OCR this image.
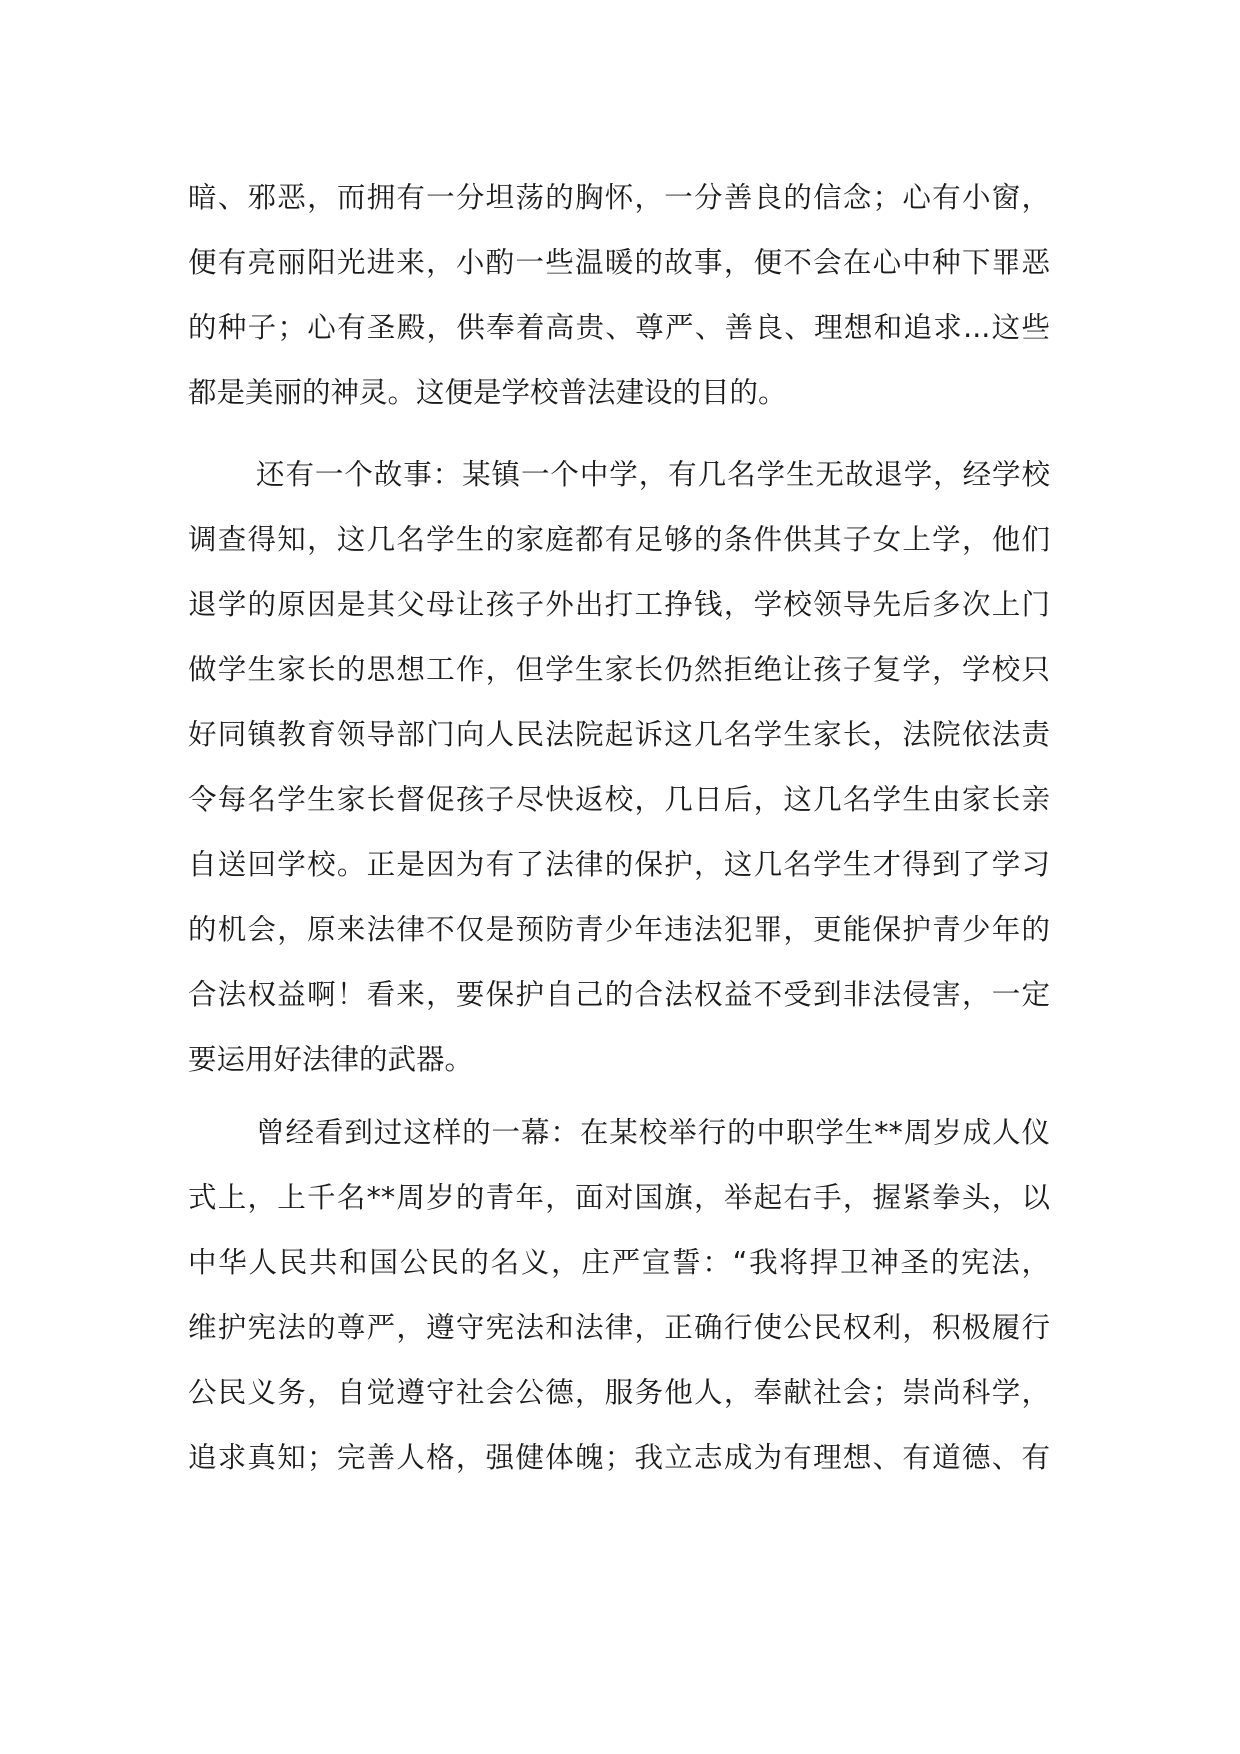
暗、邪恶，而拥有一分坦荡的胸怀，一分善良的信念；心有小窗，
便有亮丽阳光进来，小酌一些温暖的故事，便不会在心中种下罪恶
的种子；心有圣殿，供奉着高贵、尊严、善良、理想和追求...这些
都是美丽的神灵。这便是学校普法建设的目的。
还有一个故事：某镇一个中学，有几名学生无故退学，经学校
调查得知，这几名学生的家庭都有足够的条件供其子女上学，他们
退学的原因是其父母让孩子外出打工挣钱，学校领导先后多次上门
做学生家长的思想工作，但学生家长仍然拒绝让孩子复学，学校只
好同镇教育领导部门向人民法院起诉这几名学生家长，法院依法责
令每名学生家长督促孩子尽快返校，几日后，这几名学生由家长亲
自送回学校。正是因为有了法律的保护，这几名学生才得到了学习
的机会，原来法律不仅是预防青少年违法犯罪，更能保护青少年的
合法权益啊！看来，要保护自己的合法权益不受到非法侵害，一定
要运用好法律的武器。
曾经看到过这样的一幕：在某校举行的中职学生**周岁成人仪
式上，上千名**周岁的青年，面对国旗，举起右手，握紧拳头，以
中华人民共和国公民的名义，庄严宣誓：“我将捍卫神圣的宪法，
维护宪法的尊严，遵守宪法和法律，正确行使公民权利，积极履行
公民义务，自觉遵守社会公德，服务他人，奉献社会；崇尚科学，
追求真知；完善人格，强健体魄；我立志成为有理想、有道德、有
